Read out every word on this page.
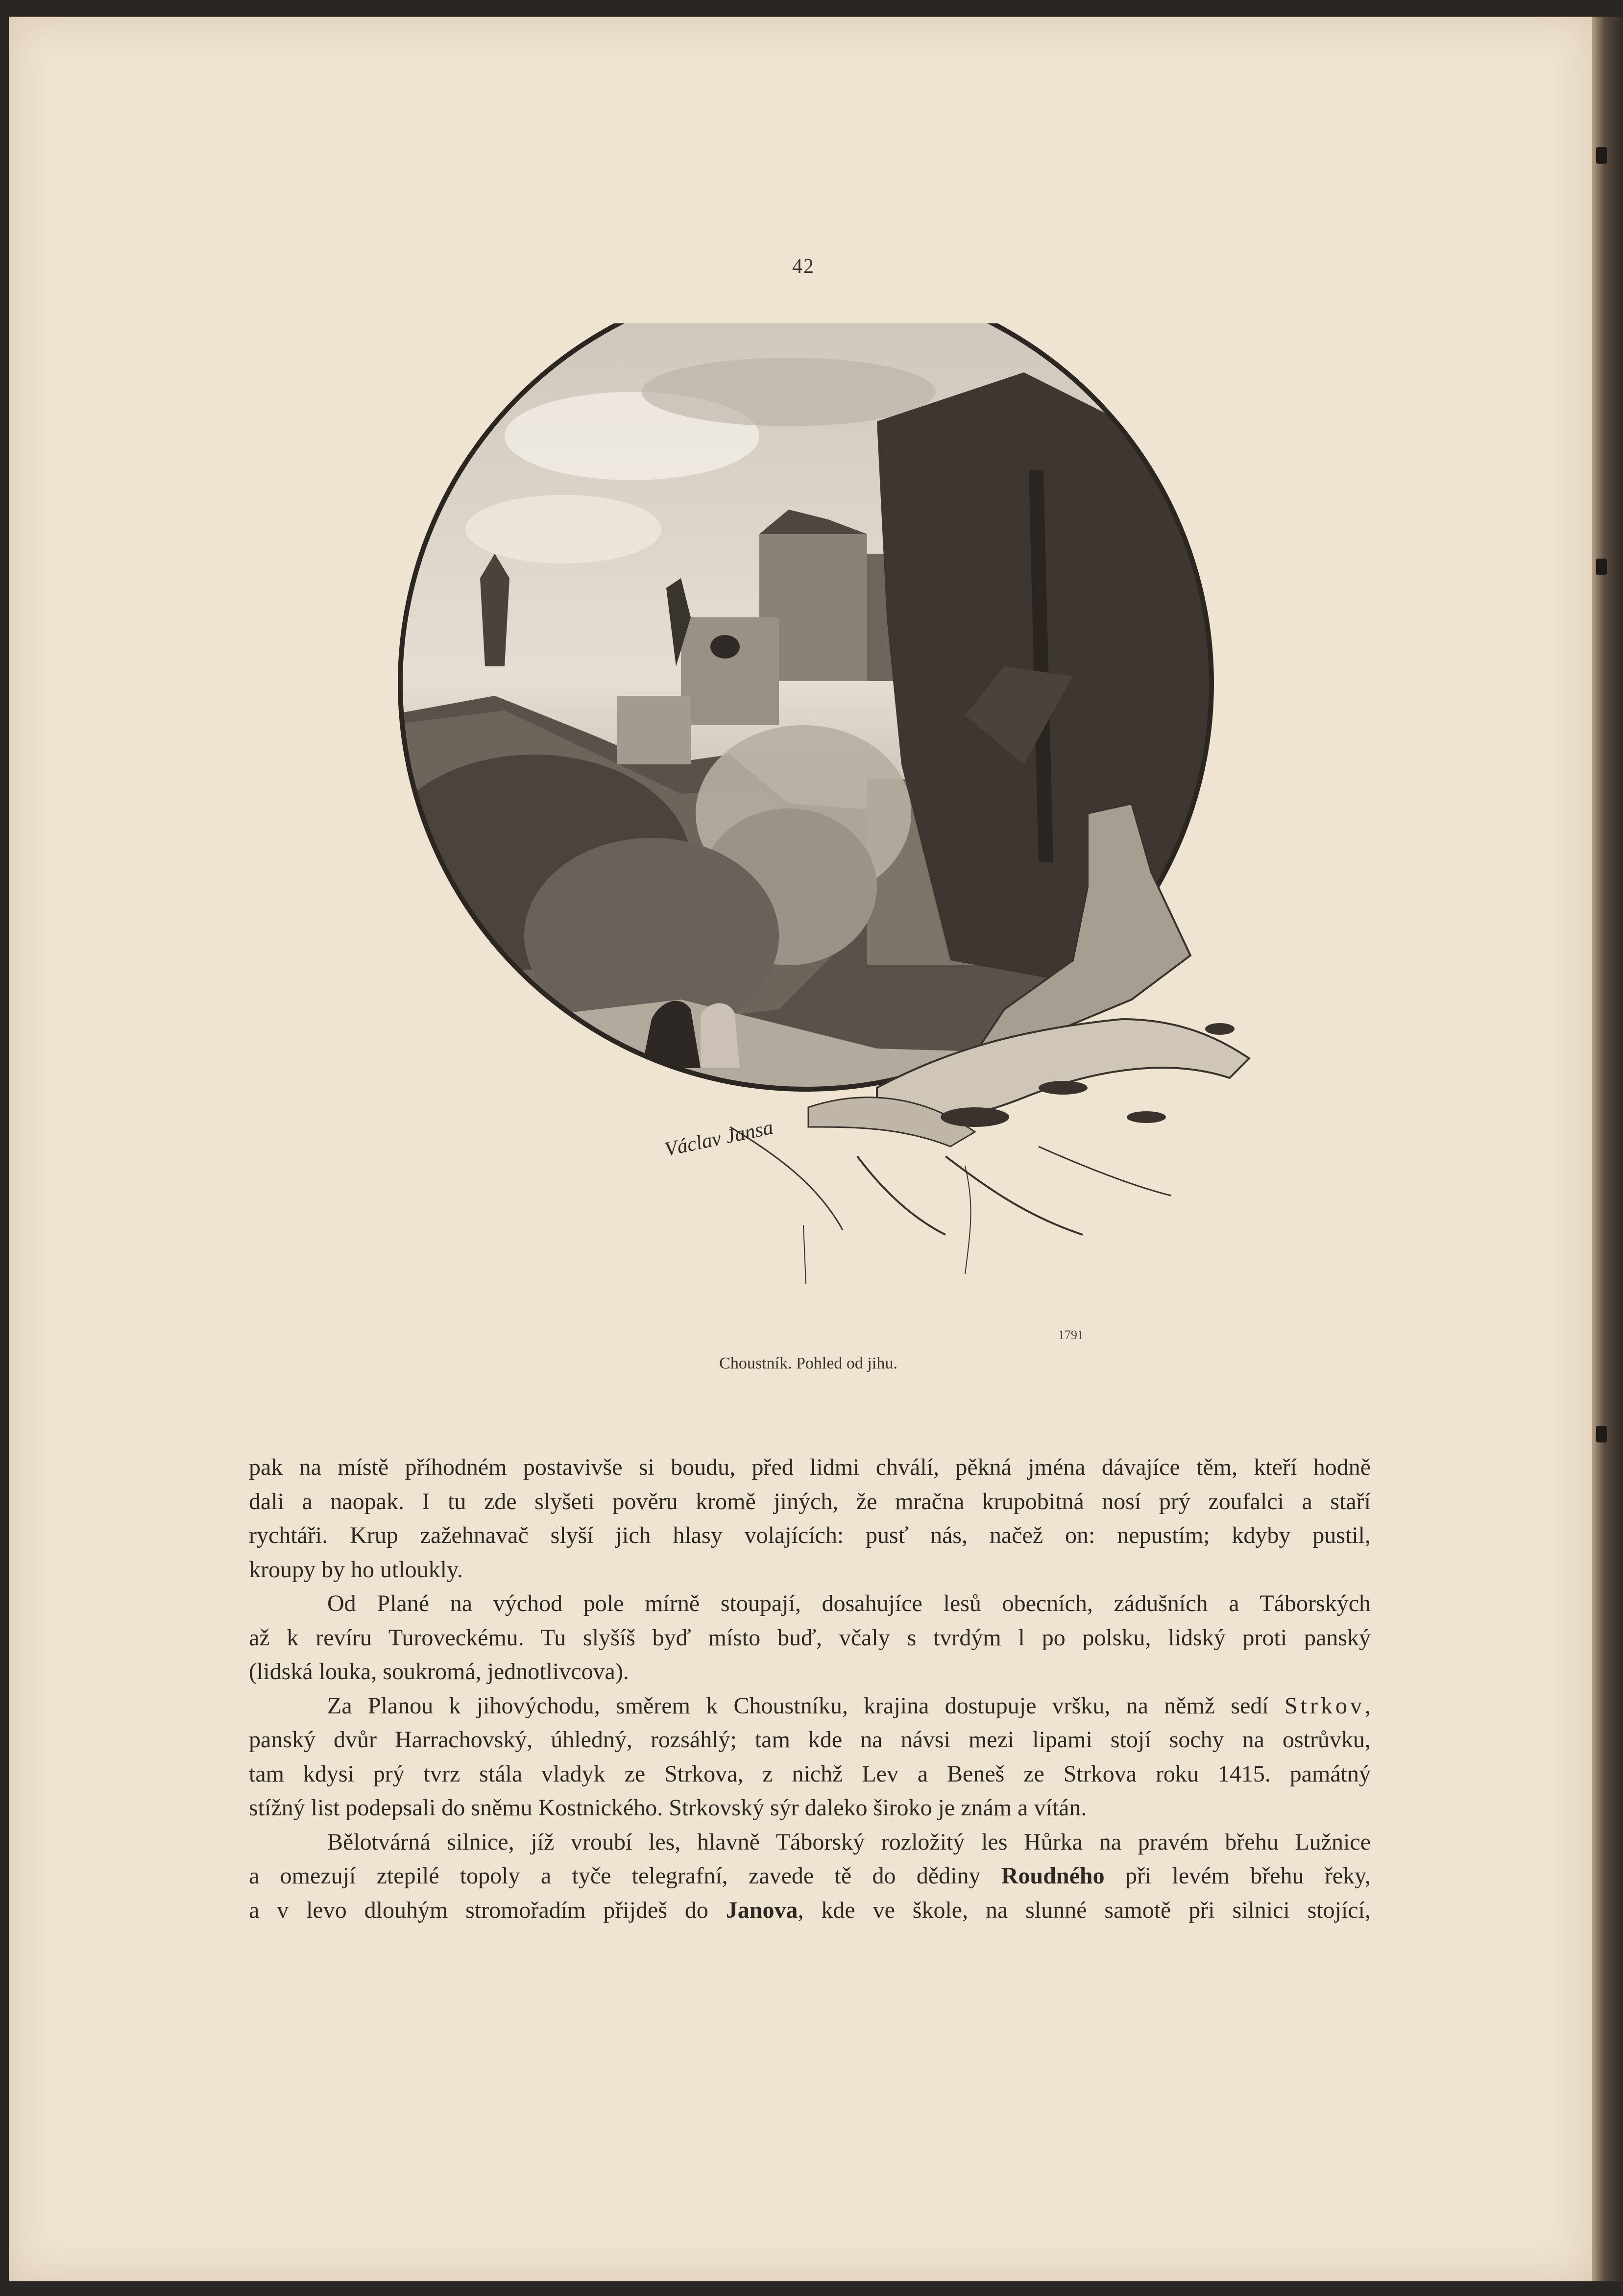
42
Václav Jansa
1791
Choustník. Pohled od jihu.
pak na místě příhodném postavivše si boudu, před lidmi chválí, pěkná jména dávajíce těm, kteří hodně
dali a naopak. I tu zde slyšeti pověru kromě jiných, že mračna krupobitná nosí prý zoufalci a staří
rychtáři. Krup zažehnavač slyší jich hlasy volajících: pusť nás, načež on: nepustím; kdyby pustil,
kroupy by ho utloukly.
Od Plané na východ pole mírně stoupají, dosahujíce lesů obecních, zádušních a Táborských
až k revíru Turoveckému. Tu slyšíš byď místo buď, včaly s tvrdým l po polsku, lidský proti panský
(lidská louka, soukromá, jednotlivcova).
Za Planou k jihovýchodu, směrem k Choustníku, krajina dostupuje vršku, na němž sedí Strkov,
panský dvůr Harrachovský, úhledný, rozsáhlý; tam kde na návsi mezi lipami stojí sochy na ostrůvku,
tam kdysi prý tvrz stála vladyk ze Strkova, z nichž Lev a Beneš ze Strkova roku 1415. památný
stížný list podepsali do sněmu Kostnického. Strkovský sýr daleko široko je znám a vítán.
Bělotvárná silnice, jíž vroubí les, hlavně Táborský rozložitý les Hůrka na pravém břehu Lužnice
a omezují ztepilé topoly a tyče telegrafní, zavede tě do dědiny Roudného při levém břehu řeky,
a v levo dlouhým stromořadím přijdeš do Janova, kde ve škole, na slunné samotě při silnici stojící,
